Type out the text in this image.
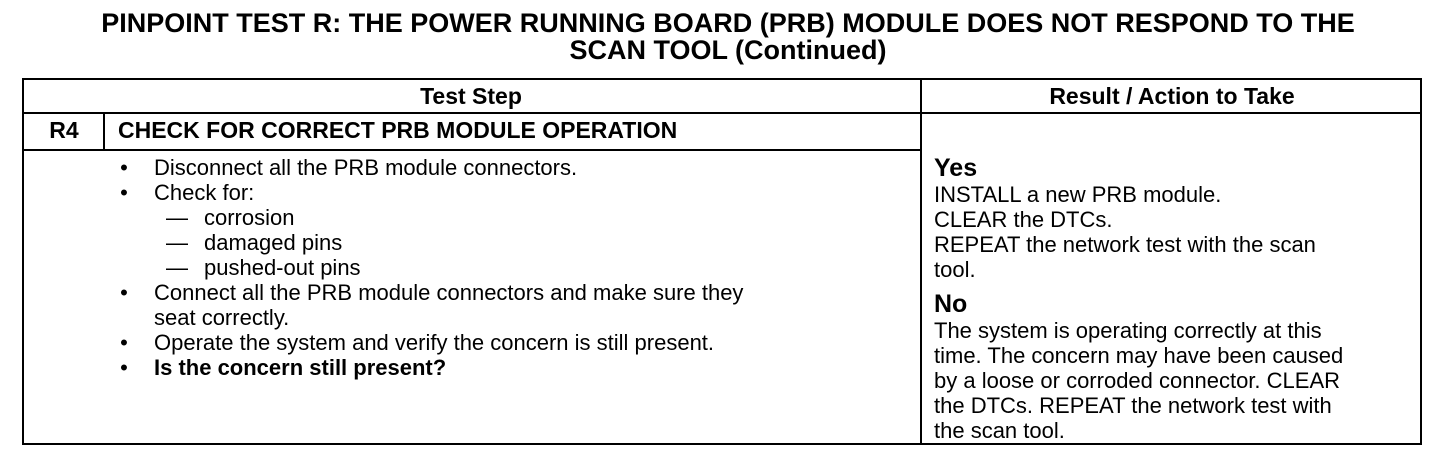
PINPOINT TEST R: THE POWER RUNNING BOARD (PRB) MODULE DOES NOT RESPOND TO THE
SCAN TOOL (Continued)
Test Step	Result / Action to Take
R4	CHECK FOR CORRECT PRB MODULE OPERATION
• Disconnect all the PRB module connectors.
• Check for:
— corrosion
— damaged pins
— pushed-out pins
• Connect all the PRB module connectors and make sure they
seat correctly.
• Operate the system and verify the concern is still present.
• Is the concern still present?
Yes
INSTALL a new PRB module.
CLEAR the DTCs.
REPEAT the network test with the scan
tool.
No
The system is operating correctly at this
time. The concern may have been caused
by a loose or corroded connector. CLEAR
the DTCs. REPEAT the network test with
the scan tool.
